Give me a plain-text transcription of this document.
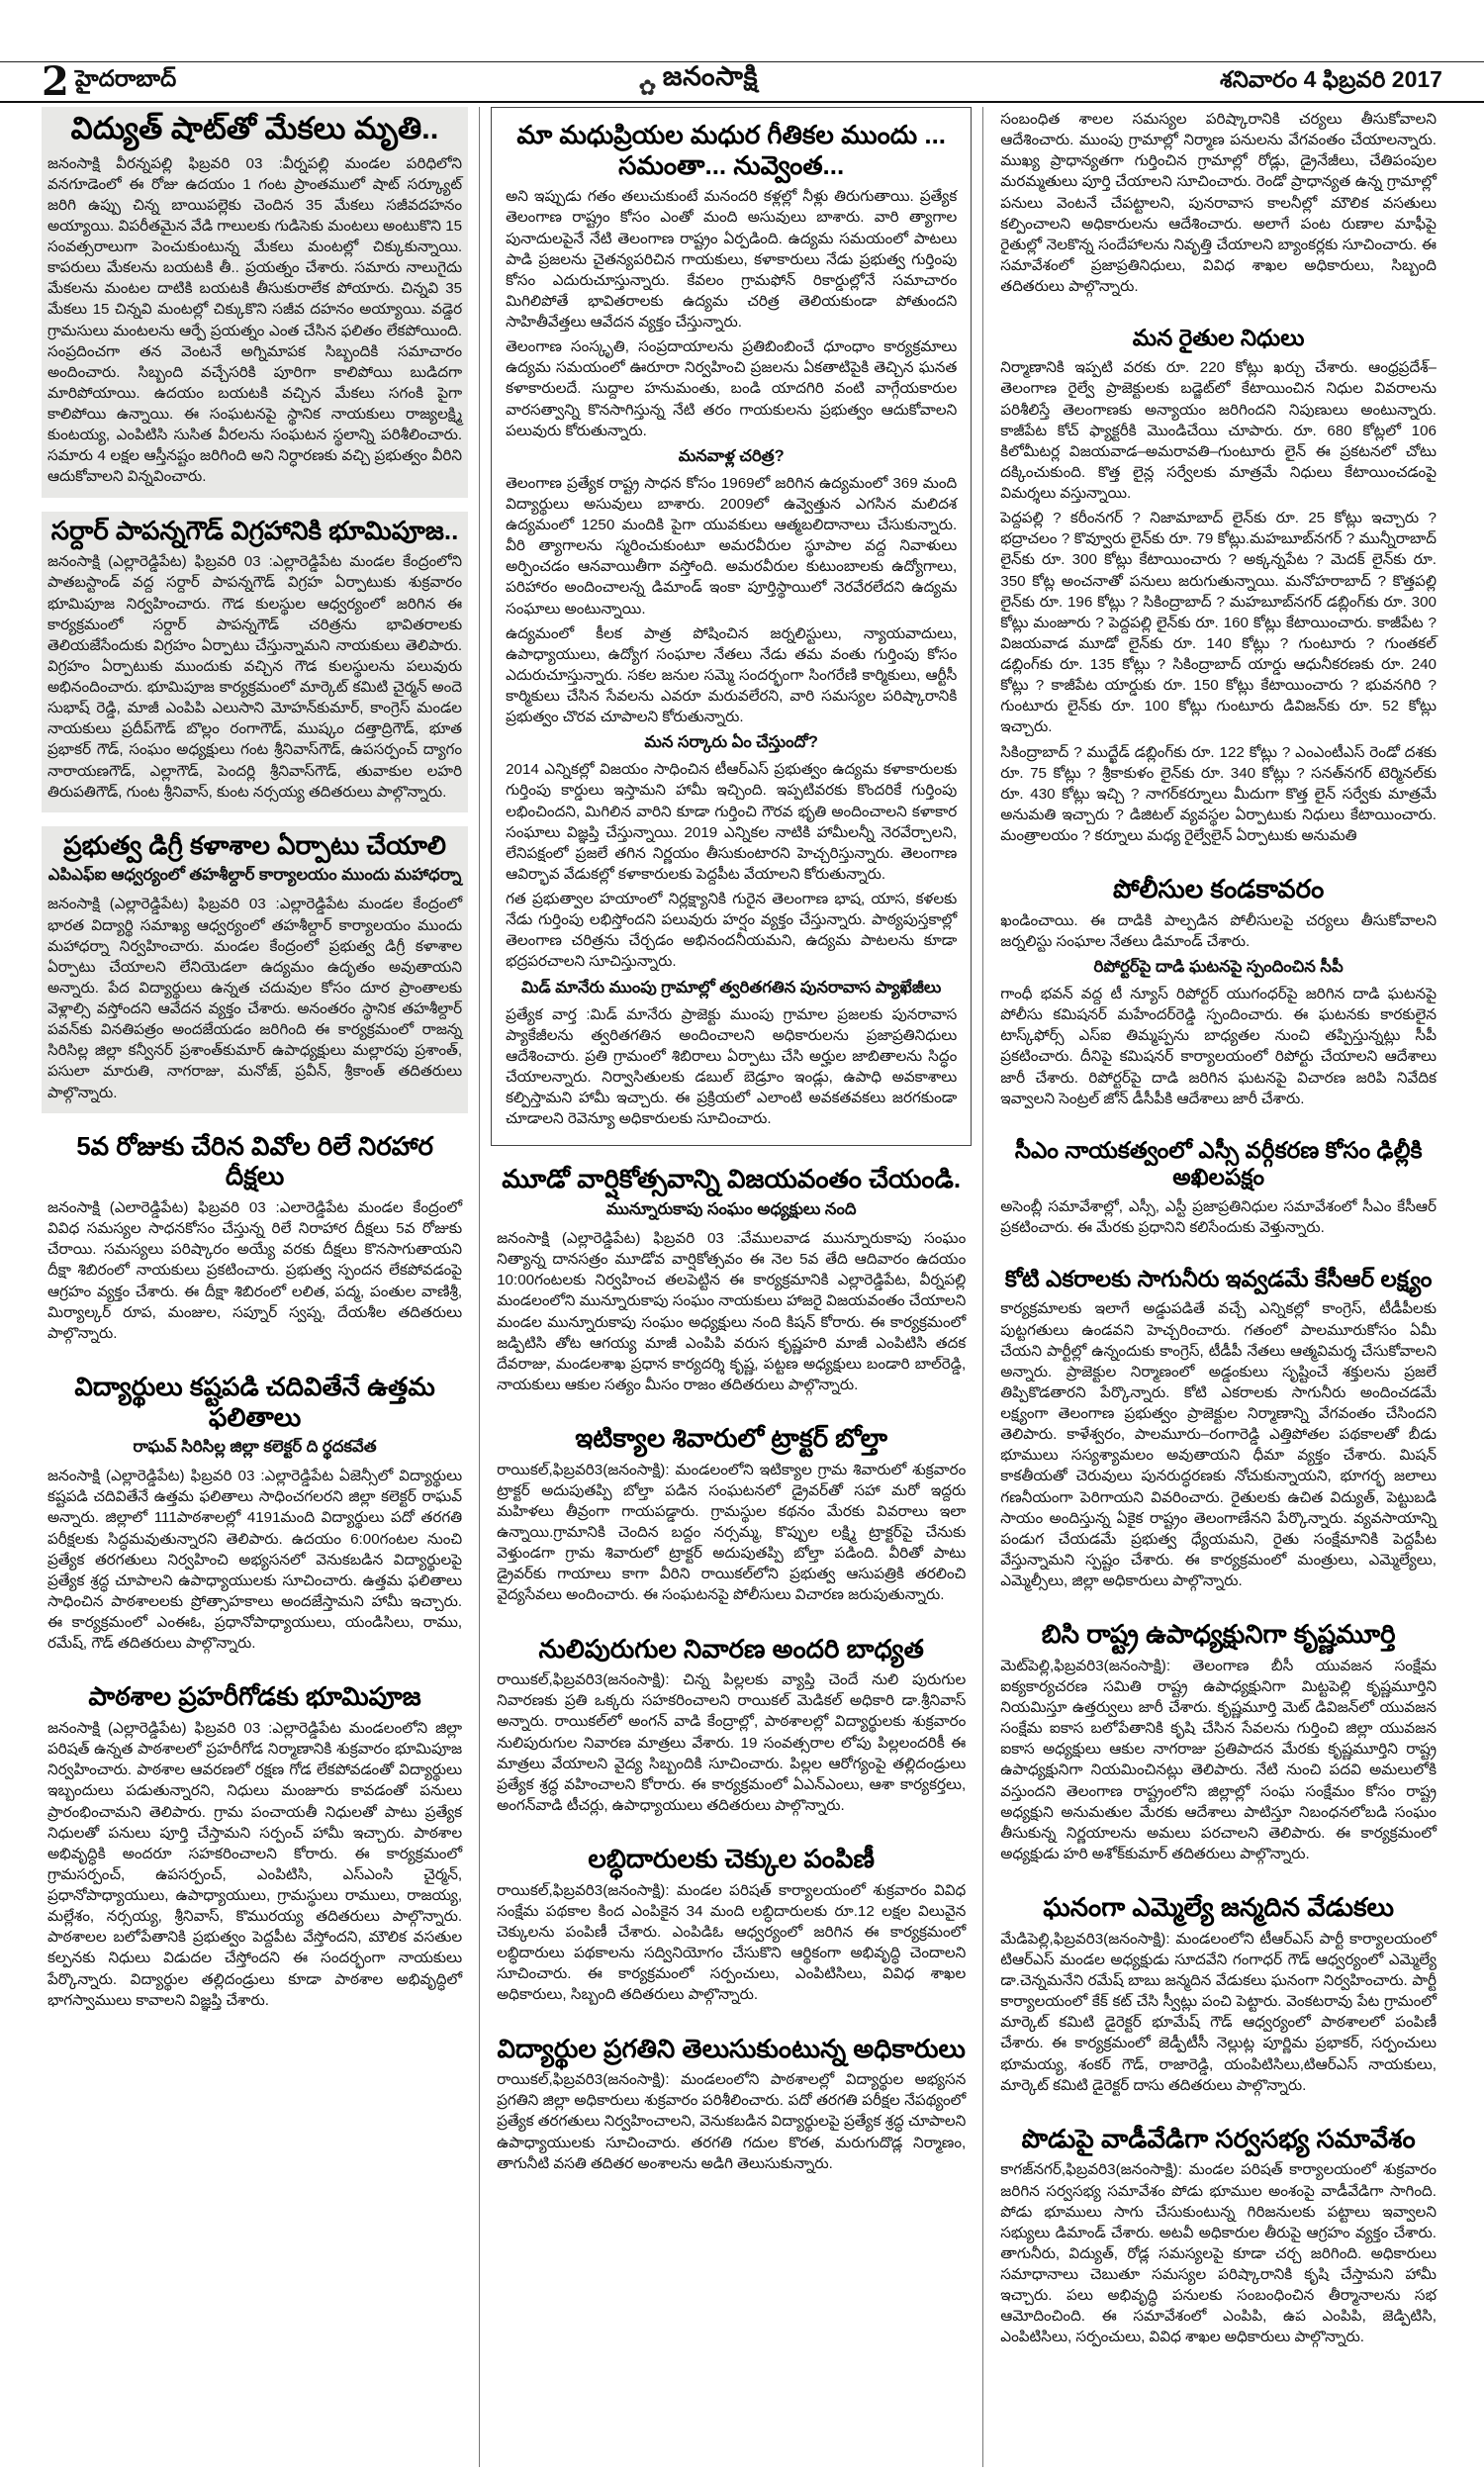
2 హైదరాబాద్	✿ జనంసాక్షి	శనివారం 4 ఫిబ్రవరి 2017
విద్యుత్ షాట్‌తో మేకలు మృతి..

జనంసాక్షి వీరన్నపల్లి ఫిబ్రవరి 03 :వీర్నపల్లి మండల పరిధిలోని వనగూడెంలో ఈ రోజు ఉదయం 1 గంట ప్రాంతములో షాట్ సర్క్యూట్ జరిగి ఉప్పు చిన్న బాయిపల్లెకు చెందిన 35 మేకలు సజీవదహనం అయ్యాయి. విపరీతమైన వేడి గాలులకు గుడిసెకు మంటలు అంటుకొని 15 సంవత్సరాలుగా పెంచుకుంటున్న మేకలు మంటల్లో చిక్కుకున్నాయి. కాపరులు మేకలను బయటకి తీ.. ప్రయత్నం చేశారు. సమారు నాలుగైదు మేకలను మంటల దాటికి బయటకి తీసుకురాలేక పోయారు. చిన్నవి 35 మేకలు 15 చిన్నవి మంటల్లో చిక్కుకొని సజీవ దహనం అయ్యాయి. వడ్డెర గ్రామసులు మంటలను ఆర్పే ప్రయత్నం ఎంత చేసిన ఫలితం లేకపోయింది. సంప్రదించగా తన వెంటనే అగ్నిమాపక సిబ్బందికి సమాచారం అందించారు. సిబ్బంది వచ్చేసరికి పూరిగా కాలిపోయి బుడిదగా మారిపోయాయి. ఉదయం బయటకి వచ్చిన మేకలు సగంకి పైగా కాలిపోయి ఉన్నాయి. ఈ సంఘటనపై స్థానిక నాయకులు రాజ్యలక్ష్మి కుంటయ్య, ఎంపిటిసి సుసిత వీరలను సంఘటన స్థలాన్ని పరిశీలించారు. సమారు 4 లక్షల ఆస్తీనష్టం జరిగింది అని నిర్ధారణకు వచ్చి ప్రభుత్వం వీరిని ఆదుకోవాలని విన్నవించారు.

సర్దార్ పాపన్నగౌడ్ విగ్రహానికి భూమిపూజ..

జనంసాక్షి (ఎల్లారెడ్డిపేట) ఫిబ్రవరి 03 :ఎల్లారెడ్డిపేట మండల కేంద్రంలోని పాతబస్టాండ్ వద్ద సర్దార్ పాపన్నగౌడ్ విగ్రహ ఏర్పాటుకు శుక్రవారం భూమిపూజ నిర్వహించారు. గౌడ కులస్థుల ఆధ్వర్యంలో జరిగిన ఈ కార్యక్రమంలో సర్దార్ పాపన్నగౌడ్ చరిత్రను భావితరాలకు తెలియజేసేందుకు విగ్రహం ఏర్పాటు చేస్తున్నామని నాయకులు తెలిపారు. విగ్రహం ఏర్పాటుకు ముందుకు వచ్చిన గౌడ కులస్థులను పలువురు అభినందించారు. భూమిపూజ కార్యక్రమంలో మార్కెట్ కమిటి చైర్మన్ అందె సుభాష్ రెడ్డి, మాజీ ఎంపిపి ఎలుసాని మోహన్‌కుమార్, కాంగ్రెస్ మండల నాయకులు ప్రదీప్‌గౌడ్ బొల్లం రంగాగౌడ్, ముష్కం దత్తాద్రిగౌడ్, భూత ప్రభాకర్ గౌడ్, సంఘం అధ్యక్షులు గంట శ్రీనివాస్‌గౌడ్, ఉపసర్పంచ్ ద్యాగం నారాయణగౌడ్, ఎల్లాగౌడ్, పెందర్లి శ్రీనివాస్‌గౌడ్, తువాకుల లహరి తిరుపతిగౌడ్, గుంట శ్రీనివాస్, కుంట నర్సయ్య తదితరులు పాల్గొన్నారు.

ప్రభుత్వ డిగ్రీ కళాశాల ఏర్పాటు చేయాలి
ఎపిఎఫ్ఐ ఆధ్వర్యంలో తహశీల్దార్ కార్యాలయం ముందు మహాధర్నా

జనంసాక్షి (ఎల్లారెడ్డిపేట) ఫిబ్రవరి 03 :ఎల్లారెడ్డిపేట మండల కేంద్రంలో భారత విద్యార్థి సమాఖ్య ఆధ్వర్యంలో తహశీల్దార్ కార్యాలయం ముందు మహాధర్నా నిర్వహించారు. మండల కేంద్రంలో ప్రభుత్వ డిగ్రీ కళాశాల ఏర్పాటు చేయాలని లేనియెడలా ఉద్యమం ఉదృతం అవుతాయని అన్నారు. పేద విద్యార్థులు ఉన్నత చదువుల కోసం దూర ప్రాంతాలకు వెళ్లాల్సి వస్తోందని ఆవేదన వ్యక్తం చేశారు. అనంతరం స్థానిక తహశీల్దార్ పవన్‌కు వినతిపత్రం అందజేయడం జరిగింది ఈ కార్యక్రమంలో రాజన్న సిరిసిల్ల జిల్లా కన్వీనర్ ప్రశాంత్‌కుమార్ ఉపాధ్యక్షులు మల్లారపు ప్రశాంత్, పసులా మారుతి, నాగరాజు, మనోజ్, ప్రవీన్, శ్రీకాంత్ తదితరులు పాల్గొన్నారు.

5వ రోజుకు చేరిన వివోల రిలే నిరహార దీక్షలు

జనంసాక్షి (ఎలారెడ్డిపేట) ఫిబ్రవరి 03 :ఎలారెడ్డిపేట మండల కేంద్రంలో వివిధ సమస్యల సాధనకోసం చేస్తున్న రిలే నిరాహార దీక్షలు 5వ రోజుకు చేరాయి. సమస్యలు పరిష్కారం అయ్యే వరకు దీక్షలు కొనసాగుతాయని దీక్షా శిబిరంలో నాయకులు ప్రకటించారు. ప్రభుత్వ స్పందన లేకపోవడంపై ఆగ్రహం వ్యక్తం చేశారు. ఈ దీక్షా శిబిరంలో లలిత, పద్మ, పంతుల వాణిశ్రీ, మిర్యాల్కర్ రూప, మంజుల, సప్నూర్ స్వప్న, దేయశీల తదితరులు పాల్గొన్నారు.

విద్యార్థులు కష్టపడి చదివితేనే ఉత్తమ ఫలితాలు
రాఘవ్ సిరిసిల్ల జిల్లా కలెక్టర్ ది ర్థదకవేత

జనంసాక్షి (ఎల్లారెడ్డిపేట) ఫిబ్రవరి 03 :ఎల్లారెడ్డిపేట ఏజెన్సీలో విద్యార్థులు కష్టపడి చదివితేనే ఉత్తమ ఫలితాలు సాధించగలరని జిల్లా కలెక్టర్ రాఘవ్ అన్నారు. జిల్లాలో 111పాఠశాలల్లో 4191మంది విద్యార్థులు పదో తరగతి పరీక్షలకు సిద్ధమవుతున్నారని తెలిపారు. ఉదయం 6:00గంటల నుంచి ప్రత్యేక తరగతులు నిర్వహించి అభ్యసనలో వెనుకబడిన విద్యార్థులపై ప్రత్యేక శ్రద్ధ చూపాలని ఉపాధ్యాయులకు సూచించారు. ఉత్తమ ఫలితాలు సాధించిన పాఠశాలలకు ప్రోత్సాహకాలు అందజేస్తామని హామీ ఇచ్చారు. ఈ కార్యక్రమంలో ఎంఈఓ, ప్రధానోపాధ్యాయులు, యండిసిలు, రాము, రమేష్, గౌడ్ తదితరులు పాల్గొన్నారు.

పాఠశాల ప్రహరీగోడకు భూమిపూజ

జనంసాక్షి (ఎల్లారెడ్డిపేట) ఫిబ్రవరి 03 :ఎల్లారెడ్డిపేట మండలంలోని జిల్లా పరిషత్ ఉన్నత పాఠశాలలో ప్రహరీగోడ నిర్మాణానికి శుక్రవారం భూమిపూజ నిర్వహించారు. పాఠశాల ఆవరణలో రక్షణ గోడ లేకపోవడంతో విద్యార్థులు ఇబ్బందులు పడుతున్నారని, నిధులు మంజూరు కావడంతో పనులు ప్రారంభించామని తెలిపారు. గ్రామ పంచాయతీ నిధులతో పాటు ప్రత్యేక నిధులతో పనులు పూర్తి చేస్తామని సర్పంచ్ హామీ ఇచ్చారు. పాఠశాల అభివృద్ధికి అందరూ సహకరించాలని కోరారు. ఈ కార్యక్రమంలో గ్రామసర్పంచ్, ఉపసర్పంచ్, ఎంపిటిసి, ఎస్ఎంసి చైర్మన్, ప్రధానోపాధ్యాయులు, ఉపాధ్యాయులు, గ్రామస్థులు రాములు, రాజయ్య, మల్లేశం, నర్సయ్య, శ్రీనివాస్, కొమురయ్య తదితరులు పాల్గొన్నారు. పాఠశాలల బలోపేతానికి ప్రభుత్వం పెద్దపీట వేస్తోందని, మౌలిక వసతుల కల్పనకు నిధులు విడుదల చేస్తోందని ఈ సందర్భంగా నాయకులు పేర్కొన్నారు. విద్యార్థుల తల్లిదండ్రులు కూడా పాఠశాల అభివృద్ధిలో భాగస్వాములు కావాలని విజ్ఞప్తి చేశారు.

మా మధుప్రియల మధుర గీతికల ముందు ... సమంతా... నువ్వెంత...

అని ఇప్పుడు గతం తలుచుకుంటే మనందరి కళ్లల్లో నీళ్లు తిరుగుతాయి. ప్రత్యేక తెలంగాణ రాష్ట్రం కోసం ఎంతో మంది అసువులు బాశారు. వారి త్యాగాల పునాదులపైనే నేటి తెలంగాణ రాష్ట్రం ఏర్పడింది. ఉద్యమ సమయంలో పాటలు పాడి ప్రజలను చైతన్యపరిచిన గాయకులు, కళాకారులు నేడు ప్రభుత్వ గుర్తింపు కోసం ఎదురుచూస్తున్నారు. కేవలం గ్రామఫోన్ రికార్డుల్లోనే సమాచారం మిగిలిపోతే భావితరాలకు ఉద్యమ చరిత్ర తెలియకుండా పోతుందని సాహితీవేత్తలు ఆవేదన వ్యక్తం చేస్తున్నారు.

తెలంగాణ సంస్కృతి, సంప్రదాయాలను ప్రతిబింబించే ధూంధాం కార్యక్రమాలు ఉద్యమ సమయంలో ఊరూరా నిర్వహించి ప్రజలను ఏకతాటిపైకి తెచ్చిన ఘనత కళాకారులదే. సుద్దాల హనుమంతు, బండి యాదగిరి వంటి వాగ్గేయకారుల వారసత్వాన్ని కొనసాగిస్తున్న నేటి తరం గాయకులను ప్రభుత్వం ఆదుకోవాలని పలువురు కోరుతున్నారు.

మనవాళ్ల చరిత్ర?

తెలంగాణ ప్రత్యేక రాష్ట్ర సాధన కోసం 1969లో జరిగిన ఉద్యమంలో 369 మంది విద్యార్థులు అసువులు బాశారు. 2009లో ఉవ్వెత్తున ఎగసిన మలిదశ ఉద్యమంలో 1250 మందికి పైగా యువకులు ఆత్మబలిదానాలు చేసుకున్నారు. వీరి త్యాగాలను స్మరించుకుంటూ అమరవీరుల స్థూపాల వద్ద నివాళులు అర్పించడం ఆనవాయితీగా వస్తోంది. అమరవీరుల కుటుంబాలకు ఉద్యోగాలు, పరిహారం అందించాలన్న డిమాండ్ ఇంకా పూర్తిస్థాయిలో నెరవేరలేదని ఉద్యమ సంఘాలు అంటున్నాయి.

ఉద్యమంలో కీలక పాత్ర పోషించిన జర్నలిస్టులు, న్యాయవాదులు, ఉపాధ్యాయులు, ఉద్యోగ సంఘాల నేతలు నేడు తమ వంతు గుర్తింపు కోసం ఎదురుచూస్తున్నారు. సకల జనుల సమ్మె సందర్భంగా సింగరేణి కార్మికులు, ఆర్టీసీ కార్మికులు చేసిన సేవలను ఎవరూ మరువలేరని, వారి సమస్యల పరిష్కారానికి ప్రభుత్వం చొరవ చూపాలని కోరుతున్నారు.

మన సర్కారు ఏం చేస్తుందో?

2014 ఎన్నికల్లో విజయం సాధించిన టీఆర్ఎస్ ప్రభుత్వం ఉద్యమ కళాకారులకు గుర్తింపు కార్డులు ఇస్తామని హామీ ఇచ్చింది. ఇప్పటివరకు కొందరికే గుర్తింపు లభించిందని, మిగిలిన వారిని కూడా గుర్తించి గౌరవ భృతి అందించాలని కళాకార సంఘాలు విజ్ఞప్తి చేస్తున్నాయి. 2019 ఎన్నికల నాటికి హామీలన్నీ నెరవేర్చాలని, లేనిపక్షంలో ప్రజలే తగిన నిర్ణయం తీసుకుంటారని హెచ్చరిస్తున్నారు. తెలంగాణ ఆవిర్భావ వేడుకల్లో కళాకారులకు పెద్దపీట వేయాలని కోరుతున్నారు.

గత ప్రభుత్వాల హయాంలో నిర్లక్ష్యానికి గురైన తెలంగాణ భాష, యాస, కళలకు నేడు గుర్తింపు లభిస్తోందని పలువురు హర్షం వ్యక్తం చేస్తున్నారు. పాఠ్యపుస్తకాల్లో తెలంగాణ చరిత్రను చేర్చడం అభినందనీయమని, ఉద్యమ పాటలను కూడా భద్రపరచాలని సూచిస్తున్నారు.

మిడ్ మానేరు ముంపు గ్రామాల్లో త్వరితగతిన పునరావాస ప్యాఖేజీలు

ప్రత్యేక వార్త :మిడ్ మానేరు ప్రాజెక్టు ముంపు గ్రామాల ప్రజలకు పునరావాస ప్యాకేజీలను త్వరితగతిన అందించాలని అధికారులను ప్రజాప్రతినిధులు ఆదేశించారు. ప్రతి గ్రామంలో శిబిరాలు ఏర్పాటు చేసి అర్హుల జాబితాలను సిద్ధం చేయాలన్నారు. నిర్వాసితులకు డబుల్ బెడ్రూం ఇండ్లు, ఉపాధి అవకాశాలు కల్పిస్తామని హామీ ఇచ్చారు. ఈ ప్రక్రియలో ఎలాంటి అవకతవకలు జరగకుండా చూడాలని రెవెన్యూ అధికారులకు సూచించారు.

మూడో వార్షికోత్సవాన్ని విజయవంతం చేయండి.
మున్నూరుకాపు సంఘం అధ్యక్షులు నంది

జనంసాక్షి (ఎల్లారెడ్డిపేట) ఫిబ్రవరి 03 :వేములవాడ మున్నూరుకాపు సంఘం నిత్యాన్న దానసత్రం మూడోవ వార్షికోత్సవం ఈ నెల 5వ తేది ఆదివారం ఉదయం 10:00గంటలకు నిర్వహించ తలపెట్టిన ఈ కార్యక్రమానికి ఎల్లారెడ్డిపేట, వీర్నపల్లి మండలంలోని మున్నూరుకాపు సంఘం నాయకులు హాజరై విజయవంతం చేయాలని మండల మున్నూరుకాపు సంఘం అధ్యక్షులు నంది కిషన్ కోరారు. ఈ కార్యక్రమంలో జడ్పిటిసి తోట ఆగయ్య మాజీ ఎంపిపి వరుస కృష్ణహరి మాజీ ఎంపిటిసి తదక దేవరాజు, మండలశాఖ ప్రధాన కార్యదర్శి కృష్ణ, పట్టణ అధ్యక్షులు బండారి బాల్‌రెడ్డి, నాయకులు ఆకుల సత్యం మీసం రాజం తదితరులు పాల్గొన్నారు.

ఇటిక్యాల శివారులో ట్రాక్టర్ బోల్తా

రాయికల్,ఫిబ్రవరి3(జనంసాక్షి): మండలంలోని ఇటిక్యాల గ్రామ శివారులో శుక్రవారం ట్రాక్టర్ అదుపుతప్పి బోల్తా పడిన సంఘటనలో డ్రైవర్‌తో సహా మరో ఇద్దరు మహిళలు తీవ్రంగా గాయపడ్డారు. గ్రామస్థుల కథనం మేరకు వివరాలు ఇలా ఉన్నాయి.గ్రామానికి చెందిన బద్దం నర్సమ్మ, కొప్పుల లక్ష్మి ట్రాక్టర్‌పై చేనుకు వెళ్తుండగా గ్రామ శివారులో ట్రాక్టర్ అదుపుతప్పి బోల్తా పడింది. వీరితో పాటు డ్రైవర్‌కు గాయాలు కాగా వీరిని రాయికల్‌లోని ప్రభుత్వ ఆసుపత్రికి తరలించి వైద్యసేవలు అందించారు. ఈ సంఘటనపై పోలీసులు విచారణ జరుపుతున్నారు.

నులిపురుగుల నివారణ అందరి బాధ్యత

రాయికల్,ఫిబ్రవరి3(జనంసాక్షి): చిన్న పిల్లలకు వ్యాప్తి చెందే నులి పురుగుల నివారణకు ప్రతి ఒక్కరు సహకరించాలని రాయికల్ మెడికల్ అధికారి డా.శ్రీనివాస్ అన్నారు. రాయికల్‌లో అంగన్ వాడి కేంద్రాల్లో, పాఠశాలల్లో విద్యార్థులకు శుక్రవారం నులిపురుగుల నివారణ మాత్రలు వేశారు. 19 సంవత్సరాల లోపు పిల్లలందరికీ ఈ మాత్రలు వేయాలని వైద్య సిబ్బందికి సూచించారు. పిల్లల ఆరోగ్యంపై తల్లిదండ్రులు ప్రత్యేక శ్రద్ధ వహించాలని కోరారు. ఈ కార్యక్రమంలో ఏఎన్ఎంలు, ఆశా కార్యకర్తలు, అంగన్‌వాడి టీచర్లు, ఉపాధ్యాయులు తదితరులు పాల్గొన్నారు.

లబ్ధిదారులకు చెక్కుల పంపిణీ

రాయికల్,ఫిబ్రవరి3(జనంసాక్షి): మండల పరిషత్ కార్యాలయంలో శుక్రవారం వివిధ సంక్షేమ పథకాల కింద ఎంపికైన 34 మంది లబ్ధిదారులకు రూ.12 లక్షల విలువైన చెక్కులను పంపిణీ చేశారు. ఎంపిడిఓ ఆధ్వర్యంలో జరిగిన ఈ కార్యక్రమంలో లబ్ధిదారులు పథకాలను సద్వినియోగం చేసుకొని ఆర్థికంగా అభివృద్ధి చెందాలని సూచించారు. ఈ కార్యక్రమంలో సర్పంచులు, ఎంపిటిసిలు, వివిధ శాఖల అధికారులు, సిబ్బంది తదితరులు పాల్గొన్నారు.

విద్యార్థుల ప్రగతిని తెలుసుకుంటున్న అధికారులు

రాయికల్,ఫిబ్రవరి3(జనంసాక్షి): మండలంలోని పాఠశాలల్లో విద్యార్థుల అభ్యసన ప్రగతిని జిల్లా అధికారులు శుక్రవారం పరిశీలించారు. పదో తరగతి పరీక్షల నేపథ్యంలో ప్రత్యేక తరగతులు నిర్వహించాలని, వెనుకబడిన విద్యార్థులపై ప్రత్యేక శ్రద్ధ చూపాలని ఉపాధ్యాయులకు సూచించారు. తరగతి గదుల కొరత, మరుగుదొడ్ల నిర్మాణం, తాగునీటి వసతి తదితర అంశాలను అడిగి తెలుసుకున్నారు.

సంబంధిత శాలల సమస్యల పరిష్కారానికి చర్యలు తీసుకోవాలని ఆదేశించారు. ముంపు గ్రామాల్లో నిర్మాణ పనులను వేగవంతం చేయాలన్నారు. ముఖ్య ప్రాధాన్యతగా గుర్తించిన గ్రామాల్లో రోడ్లు, డ్రైనేజీలు, చేతిపంపుల మరమ్మతులు పూర్తి చేయాలని సూచించారు. రెండో ప్రాధాన్యత ఉన్న గ్రామాల్లో పనులు వెంటనే చేపట్టాలని, పునరావాస కాలనీల్లో మౌలిక వసతులు కల్పించాలని అధికారులను ఆదేశించారు. అలాగే పంట రుణాల మాఫీపై రైతుల్లో నెలకొన్న సందేహాలను నివృత్తి చేయాలని బ్యాంకర్లకు సూచించారు. ఈ సమావేశంలో ప్రజాప్రతినిధులు, వివిధ శాఖల అధికారులు, సిబ్బంది తదితరులు పాల్గొన్నారు.

మన రైతుల నిధులు

నిర్మాణానికి ఇప్పటి వరకు రూ. 220 కోట్లు ఖర్చు చేశారు. ఆంధ్రప్రదేశ్–తెలంగాణ రైల్వే ప్రాజెక్టులకు బడ్జెట్‌లో కేటాయించిన నిధుల వివరాలను పరిశీలిస్తే తెలంగాణకు అన్యాయం జరిగిందని నిపుణులు అంటున్నారు. కాజీపేట కోచ్ ఫ్యాక్టరీకి మొండిచేయి చూపారు. రూ. 680 కోట్లలో 106 కిలోమీటర్ల విజయవాడ–అమరావతి–గుంటూరు లైన్ ఈ ప్రకటనలో చోటు దక్కించుకుంది. కొత్త లైన్ల సర్వేలకు మాత్రమే నిధులు కేటాయించడంపై విమర్శలు వస్తున్నాయి.

పెద్దపల్లి ? కరీంనగర్ ? నిజామాబాద్ లైన్‌కు రూ. 25 కోట్లు ఇచ్చారు ? భద్రాచలం ? కొవ్వూరు లైన్‌కు రూ. 79 కోట్లు.మహబూబ్‌నగర్ ? మున్నీరాబాద్ లైన్‌కు రూ. 300 కోట్లు కేటాయించారు ? అక్కన్నపేట ? మెదక్ లైన్‌కు రూ. 350 కోట్ల అంచనాతో పనులు జరుగుతున్నాయి. మనోహరాబాద్ ? కొత్తపల్లి లైన్‌కు రూ. 196 కోట్లు ? సికింద్రాబాద్ ? మహబూబ్‌నగర్ డబ్లింగ్‌కు రూ. 300 కోట్లు మంజూరు ? పెద్దపల్లి లైన్‌కు రూ. 160 కోట్లు కేటాయించారు. కాజీపేట ? విజయవాడ మూడో లైన్‌కు రూ. 140 కోట్లు ? గుంటూరు ? గుంతకల్ డబ్లింగ్‌కు రూ. 135 కోట్లు ? సికింద్రాబాద్ యార్డు ఆధునీకరణకు రూ. 240 కోట్లు ? కాజీపేట యార్డుకు రూ. 150 కోట్లు కేటాయించారు ? భువనగిరి ? గుంటూరు లైన్‌కు రూ. 100 కోట్లు గుంటూరు డివిజన్‌కు రూ. 52 కోట్లు ఇచ్చారు.

సికింద్రాబాద్ ? ముద్ఖేడ్ డబ్లింగ్‌కు రూ. 122 కోట్లు ? ఎంఎంటీఎస్ రెండో దశకు రూ. 75 కోట్లు ? శ్రీకాకుళం లైన్‌కు రూ. 340 కోట్లు ? సనత్‌నగర్ టెర్మినల్‌కు రూ. 430 కోట్లు ఇచ్చి ? నాగర్‌కర్నూలు మీదుగా కొత్త లైన్ సర్వేకు మాత్రమే అనుమతి ఇచ్చారు ? డిజిటల్ వ్యవస్థల ఏర్పాటుకు నిధులు కేటాయించారు. మంత్రాలయం ? కర్నూలు మధ్య రైల్వేలైన్ ఏర్పాటుకు అనుమతి

పోలీసుల కండకావరం

ఖండించాయి. ఈ దాడికి పాల్పడిన పోలీసులపై చర్యలు తీసుకోవాలని జర్నలిస్టు సంఘాల నేతలు డిమాండ్ చేశారు.

రిపోర్టర్‌పై దాడి ఘటనపై స్పందించిన సీపీ

గాంధీ భవన్ వద్ద టీ న్యూస్ రిపోర్టర్ యుగంధర్‌పై జరిగిన దాడి ఘటనపై పోలీసు కమిషనర్ మహేందర్‌రెడ్డి స్పందించారు. ఈ ఘటనకు కారకులైన టాస్క్‌ఫోర్స్ ఎస్ఐ తిమ్మప్పను బాధ్యతల నుంచి తప్పిస్తున్నట్లు సీపీ ప్రకటించారు. దీనిపై కమిషనర్ కార్యాలయంలో రిపోర్టు చేయాలని ఆదేశాలు జారీ చేశారు. రిపోర్టర్‌పై దాడి జరిగిన ఘటనపై విచారణ జరిపి నివేదిక ఇవ్వాలని సెంట్రల్ జోన్ డీసీపీకి ఆదేశాలు జారీ చేశారు.

సీఎం నాయకత్వంలో ఎస్సీ వర్గీకరణ కోసం ఢిల్లీకి అఖిలపక్షం

అసెంబ్లీ సమావేశాల్లో, ఎస్సీ, ఎస్టీ ప్రజాప్రతినిధుల సమావేశంలో సీఎం కేసీఆర్ ప్రకటించారు. ఈ మేరకు ప్రధానిని కలిసేందుకు వెళ్తున్నారు.

కోటి ఎకరాలకు సాగునీరు ఇవ్వడమే కేసీఆర్ లక్ష్యం

కార్యక్రమాలకు ఇలాగే అడ్డుపడితే వచ్చే ఎన్నికల్లో కాంగ్రెస్, టీడీపీలకు పుట్టగతులు ఉండవని హెచ్చరించారు. గతంలో పాలమూరుకోసం ఏమీ చేయని పార్టీల్లో ఉన్నందుకు కాంగ్రెస్, టీడీపీ నేతలు ఆత్మవిమర్శ చేసుకోవాలని అన్నారు. ప్రాజెక్టుల నిర్మాణంలో అడ్డంకులు సృష్టించే శక్తులను ప్రజలే తిప్పికొడతారని పేర్కొన్నారు. కోటి ఎకరాలకు సాగునీరు అందించడమే లక్ష్యంగా తెలంగాణ ప్రభుత్వం ప్రాజెక్టుల నిర్మాణాన్ని వేగవంతం చేసిందని తెలిపారు. కాళేశ్వరం, పాలమూరు–రంగారెడ్డి ఎత్తిపోతల పథకాలతో బీడు భూములు సస్యశ్యామలం అవుతాయని ధీమా వ్యక్తం చేశారు. మిషన్ కాకతీయతో చెరువులు పునరుద్ధరణకు నోచుకున్నాయని, భూగర్భ జలాలు గణనీయంగా పెరిగాయని వివరించారు. రైతులకు ఉచిత విద్యుత్, పెట్టుబడి సాయం అందిస్తున్న ఏకైక రాష్ట్రం తెలంగాణేనని పేర్కొన్నారు. వ్యవసాయాన్ని పండుగ చేయడమే ప్రభుత్వ ధ్యేయమని, రైతు సంక్షేమానికి పెద్దపీట వేస్తున్నామని స్పష్టం చేశారు. ఈ కార్యక్రమంలో మంత్రులు, ఎమ్మెల్యేలు, ఎమ్మెల్సీలు, జిల్లా అధికారులు పాల్గొన్నారు.

బిసి రాష్ట్ర ఉపాధ్యక్షునిగా కృష్ణమూర్తి

మెట్‌పెల్లి,ఫిబ్రవరి3(జనంసాక్షి): తెలంగాణ బీసీ యువజన సంక్షేమ ఐక్యకార్యచరణ సమితి రాష్ట్ర ఉపాధ్యక్షునిగా మిట్టపెల్లి కృష్ణమూర్తిని నియమిస్తూ ఉత్తర్వులు జారీ చేశారు. కృష్ణమూర్తి మెట్ డివిజన్‌లో యువజన సంక్షేమ ఐకాస బలోపేతానికి కృషి చేసిన సేవలను గుర్తించి జిల్లా యువజన ఐకాస అధ్యక్షులు ఆకుల నాగరాజు ప్రతిపాదన మేరకు కృష్ణమూర్తిని రాష్ట్ర ఉపాధ్యక్షునిగా నియమించినట్లు తెలిపారు. నేటి నుంచి పదవి అమలులోకి వస్తుందని తెలంగాణ రాష్ట్రంలోని జిల్లాల్లో సంఘ సంక్షేమం కోసం రాష్ట్ర అధ్యక్షుని అనుమతుల మేరకు ఆదేశాలు పాటిస్తూ నిబంధనలోబడి సంఘం తీసుకున్న నిర్ణయాలను అమలు పరచాలని తెలిపారు. ఈ కార్యక్రమంలో అధ్యక్షుడు హరి అశోక్‌కుమార్ తదితరులు పాల్గొన్నారు.

ఘనంగా ఎమ్మెల్యే జన్మదిన వేడుకలు

మేడిపెల్లి,ఫిబ్రవరి3(జనంసాక్షి): మండలంలోని టీఆర్ఎస్ పార్టీ కార్యాలయంలో టిఆర్ఎస్ మండల అధ్యక్షుడు సూదవేని గంగాధర్ గౌడ్ ఆధ్వర్యంలో ఎమ్మెల్యే డా.చెన్నమనేని రమేష్ బాబు జన్మదిన వేడుకలు ఘనంగా నిర్వహించారు. పార్టీ కార్యాలయంలో కేక్ కట్ చేసి స్వీట్లు పంచి పెట్టారు. వెంకటరావు పేట గ్రామంలో మార్కెట్ కమిటి డైరెక్టర్ భూమేష్ గౌడ్ ఆధ్వర్యంలో పాఠశాలలో పంపిణీ చేశారు. ఈ కార్యక్రమంలో జెడ్పీటీసీ నెల్లుట్ల పూర్ణిమ ప్రభాకర్, సర్పంచులు భూమయ్య, శంకర్ గౌడ్, రాజారెడ్డి, యంపిటిసిలు,టిఆర్ఎస్ నాయకులు, మార్కెట్ కమిటి డైరెక్టర్ దాసు తదితరులు పాల్గొన్నారు.

పొడుపై వాడీవేడిగా సర్వసభ్య సమావేశం

కాగజ్‌నగర్,ఫిబ్రవరి3(జనంసాక్షి): మండల పరిషత్ కార్యాలయంలో శుక్రవారం జరిగిన సర్వసభ్య సమావేశం పోడు భూముల అంశంపై వాడీవేడిగా సాగింది. పోడు భూములు సాగు చేసుకుంటున్న గిరిజనులకు పట్టాలు ఇవ్వాలని సభ్యులు డిమాండ్ చేశారు. అటవీ అధికారుల తీరుపై ఆగ్రహం వ్యక్తం చేశారు. తాగునీరు, విద్యుత్, రోడ్ల సమస్యలపై కూడా చర్చ జరిగింది. అధికారులు సమాధానాలు చెబుతూ సమస్యల పరిష్కారానికి కృషి చేస్తామని హామీ ఇచ్చారు. పలు అభివృద్ధి పనులకు సంబంధించిన తీర్మానాలను సభ ఆమోదించింది. ఈ సమావేశంలో ఎంపిపి, ఉప ఎంపిపి, జెడ్పిటిసి, ఎంపిటిసిలు, సర్పంచులు, వివిధ శాఖల అధికారులు పాల్గొన్నారు.
